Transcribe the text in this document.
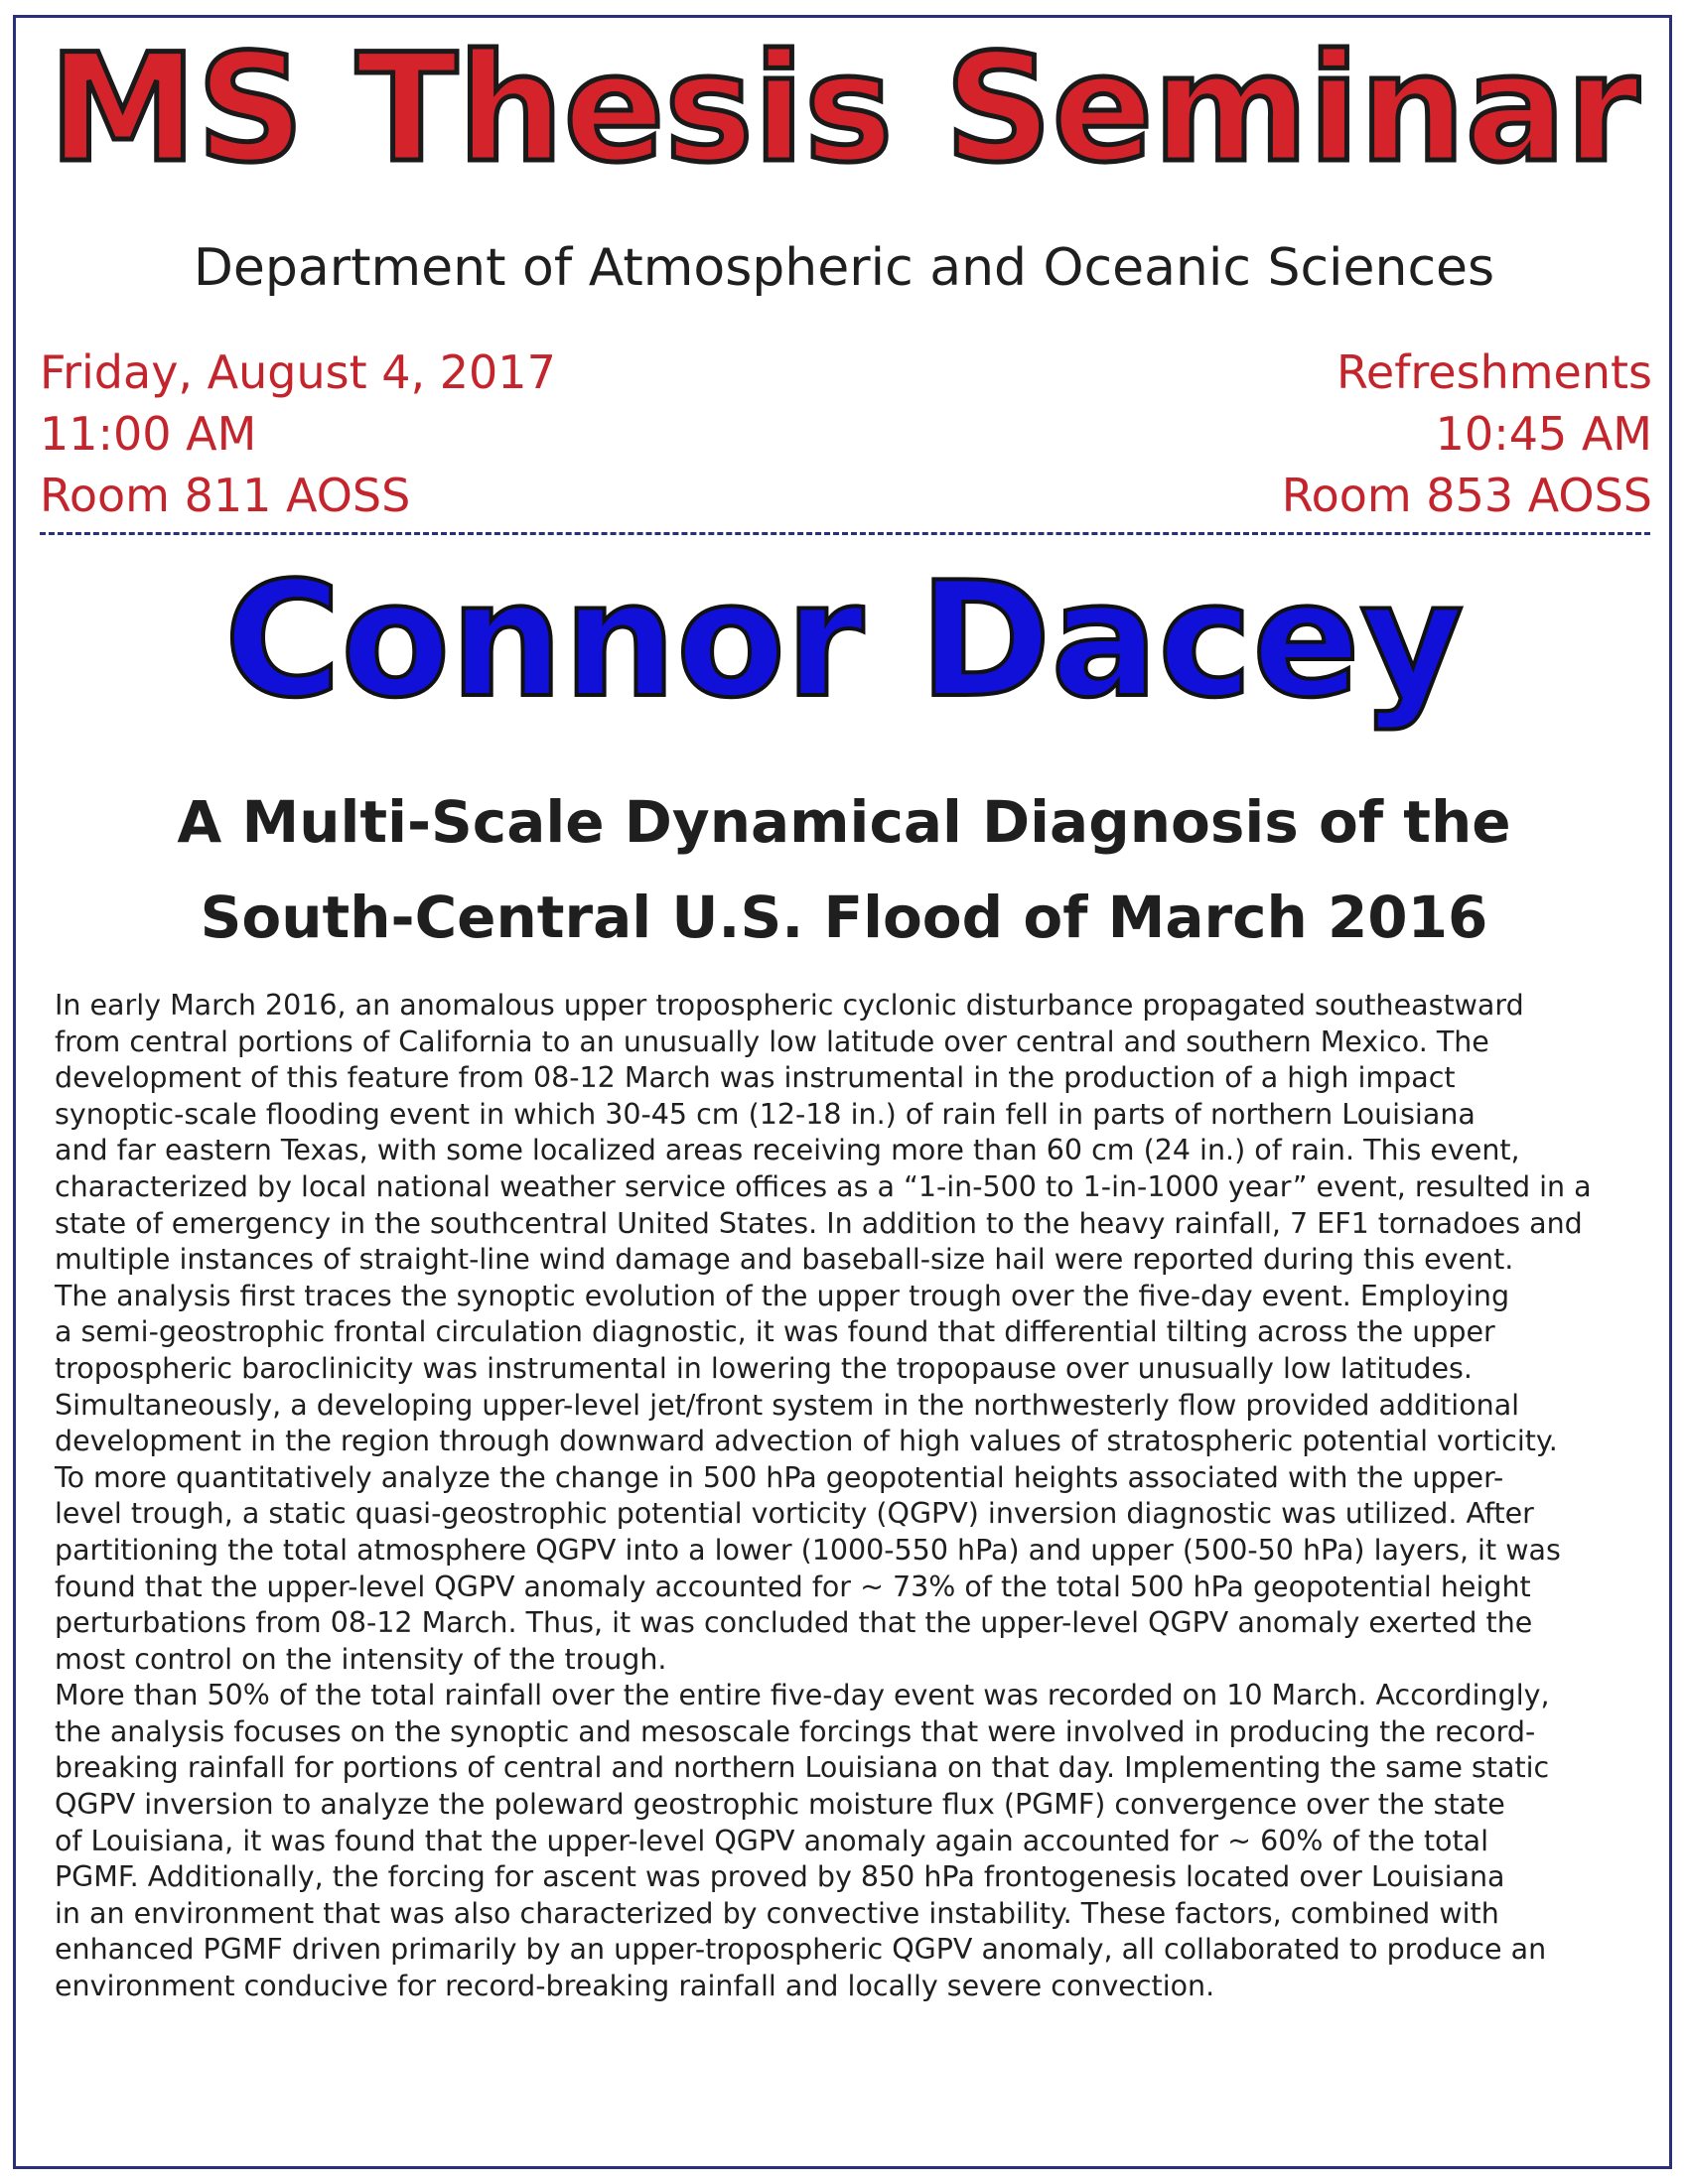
MS Thesis Seminar
Department of Atmospheric and Oceanic Sciences
Friday, August 4, 2017
11:00 AM
Room 811 AOSS
Refreshments
10:45 AM
Room 853 AOSS
Connor Dacey
A Multi-Scale Dynamical Diagnosis of the
South-Central U.S. Flood of March 2016
In early March 2016, an anomalous upper tropospheric cyclonic disturbance propagated southeastward
from central portions of California to an unusually low latitude over central and southern Mexico. The
development of this feature from 08-12 March was instrumental in the production of a high impact
synoptic-scale flooding event in which 30-45 cm (12-18 in.) of rain fell in parts of northern Louisiana
and far eastern Texas, with some localized areas receiving more than 60 cm (24 in.) of rain. This event,
characterized by local national weather service offices as a “1-in-500 to 1-in-1000 year” event, resulted in a
state of emergency in the southcentral United States. In addition to the heavy rainfall, 7 EF1 tornadoes and
multiple instances of straight-line wind damage and baseball-size hail were reported during this event.
The analysis first traces the synoptic evolution of the upper trough over the five-day event. Employing
a semi-geostrophic frontal circulation diagnostic, it was found that differential tilting across the upper
tropospheric baroclinicity was instrumental in lowering the tropopause over unusually low latitudes.
Simultaneously, a developing upper-level jet/front system in the northwesterly flow provided additional
development in the region through downward advection of high values of stratospheric potential vorticity.
To more quantitatively analyze the change in 500 hPa geopotential heights associated with the upper-
level trough, a static quasi-geostrophic potential vorticity (QGPV) inversion diagnostic was utilized. After
partitioning the total atmosphere QGPV into a lower (1000-550 hPa) and upper (500-50 hPa) layers, it was
found that the upper-level QGPV anomaly accounted for ~ 73% of the total 500 hPa geopotential height
perturbations from 08-12 March. Thus, it was concluded that the upper-level QGPV anomaly exerted the
most control on the intensity of the trough.
More than 50% of the total rainfall over the entire five-day event was recorded on 10 March. Accordingly,
the analysis focuses on the synoptic and mesoscale forcings that were involved in producing the record-
breaking rainfall for portions of central and northern Louisiana on that day. Implementing the same static
QGPV inversion to analyze the poleward geostrophic moisture flux (PGMF) convergence over the state
of Louisiana, it was found that the upper-level QGPV anomaly again accounted for ~ 60% of the total
PGMF. Additionally, the forcing for ascent was proved by 850 hPa frontogenesis located over Louisiana
in an environment that was also characterized by convective instability. These factors, combined with
enhanced PGMF driven primarily by an upper-tropospheric QGPV anomaly, all collaborated to produce an
environment conducive for record-breaking rainfall and locally severe convection.
